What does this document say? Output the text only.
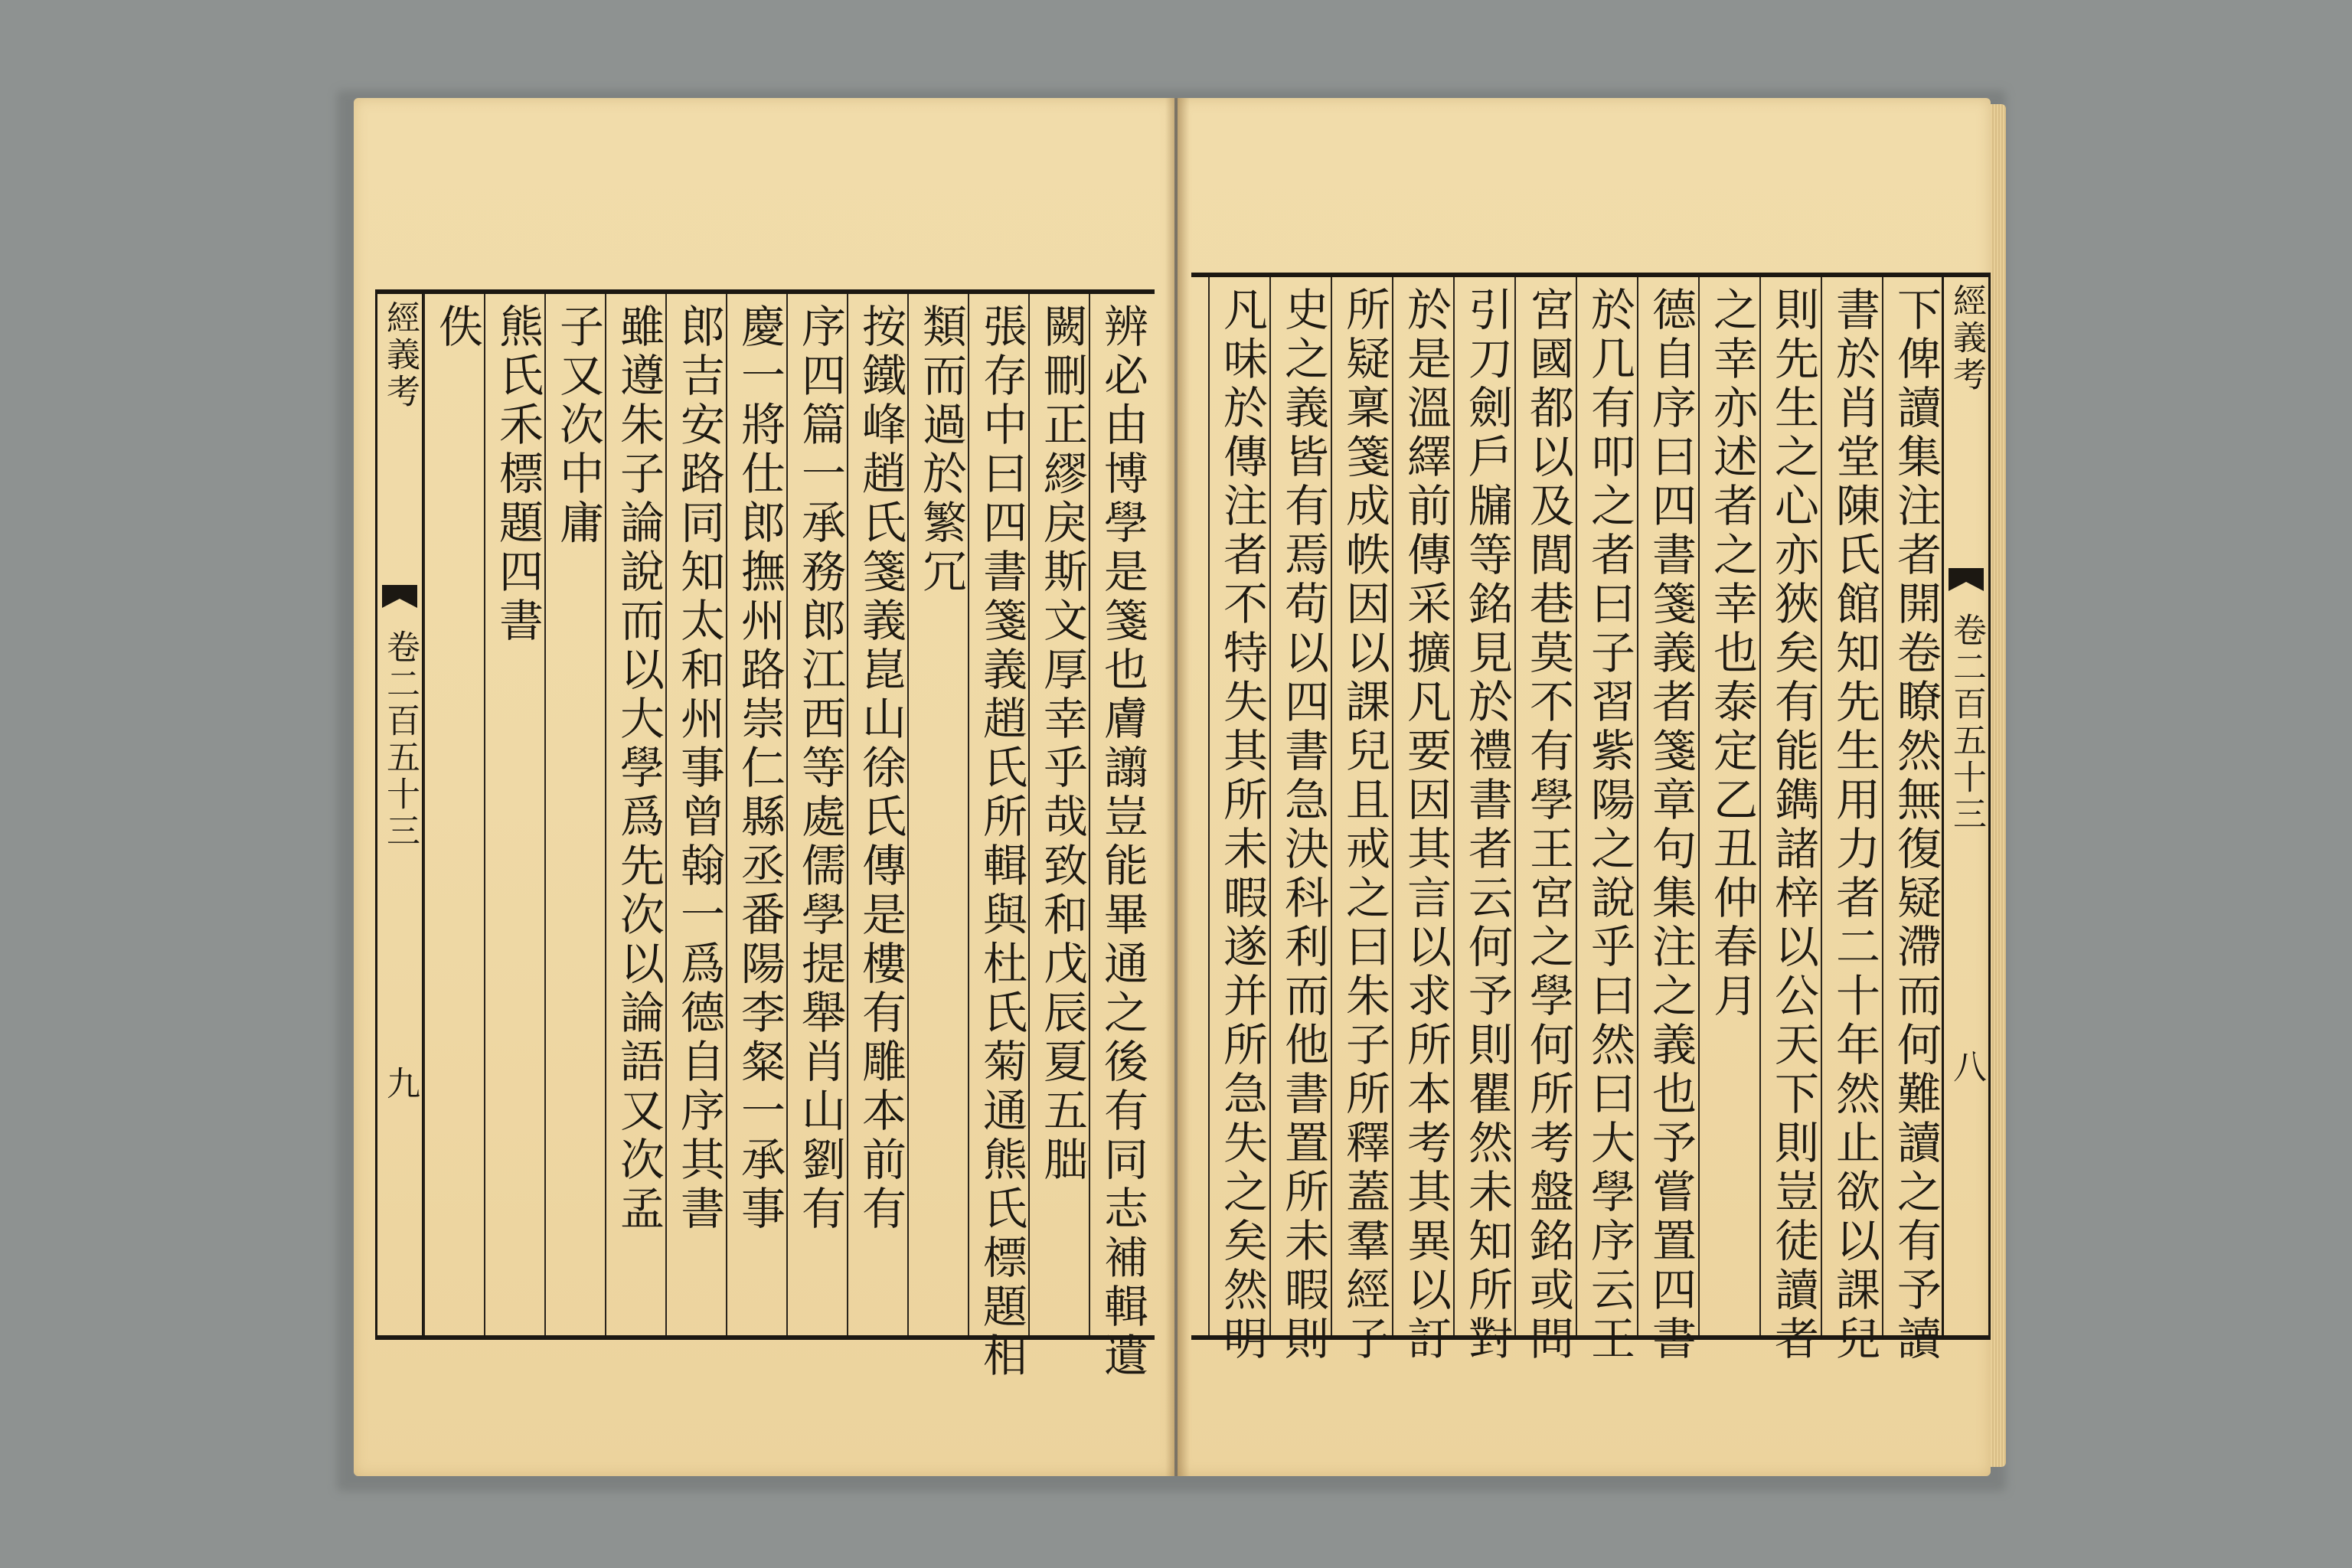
經義考
卷二百五十三
九	辨必由博學是箋也膚譾豈能畢通之後有同志補輯遺
闕刪正繆戾斯文厚幸乎哉致和戊辰夏五朏
張存中曰四書箋義趙氏所輯與杜氏菊通熊氏標題相
類而過於繁冗
按鐵峰趙氏箋義崑山徐氏傳是樓有雕本前有
序四篇一承務郎江西等處儒學提舉肖山劉有
慶一將仕郎撫州路崇仁縣丞番陽李粲一承事
郎吉安路同知太和州事曾翰一爲德自序其書
雖遵朱子論說而以大學爲先次以論語又次孟
子又次中庸
熊氏禾標題四書
佚	經義考
卷二百五十三
八
下俾讀集注者開卷瞭然無復疑滯而何難讀之有予讀
書於肖堂陳氏館知先生用力者二十年然止欲以課兒
則先生之心亦狹矣有能鐫諸梓以公天下則豈徒讀者
之幸亦述者之幸也泰定乙丑仲春月
德自序曰四書箋義者箋章句集注之義也予嘗置四書
於几有叩之者曰子習紫陽之說乎曰然曰大學序云王
宮國都以及閭巷莫不有學王宮之學何所考盤銘或問
引刀劍戶牖等銘見於禮書者云何予則瞿然未知所對
於是溫繹前傳采擴凡要因其言以求所本考其異以訂
所疑稟箋成帙因以課兒且戒之曰朱子所釋蓋羣經子
史之義皆有焉苟以四書急決科利而他書置所未暇則
凡味於傳注者不特失其所未暇遂并所急失之矣然明
